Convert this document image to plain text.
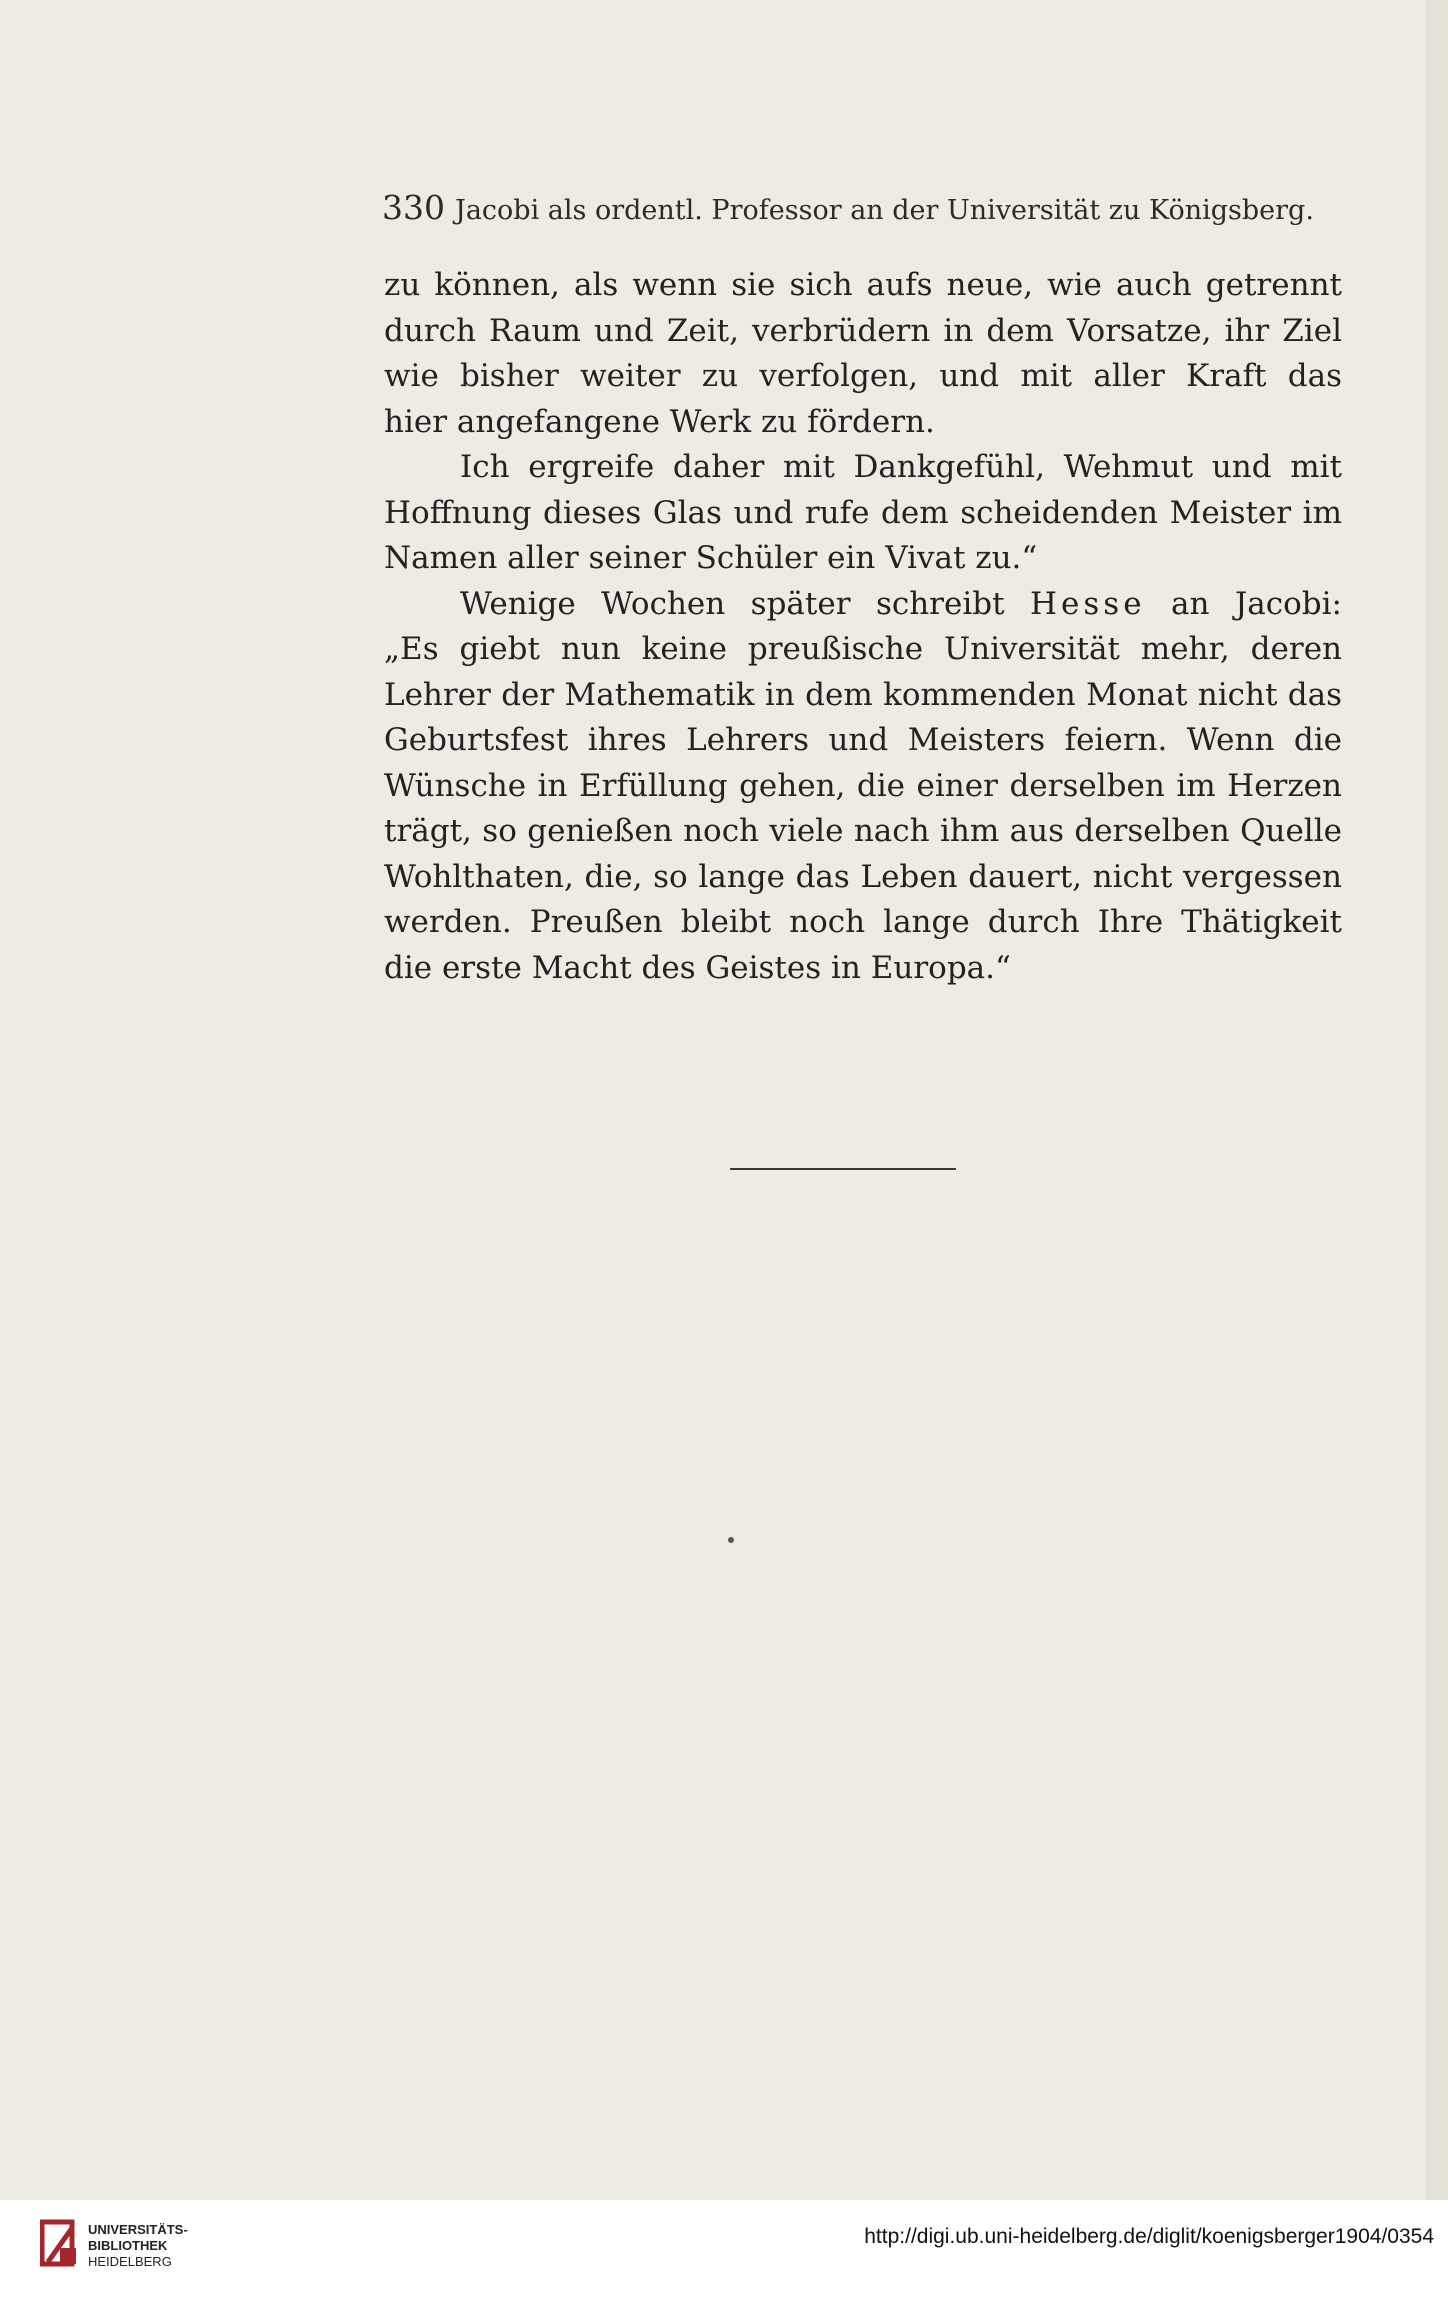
330 Jacobi als ordentl. Professor an der Universität zu Königsberg.
zu können, als wenn sie sich aufs neue, wie auch getrennt
durch Raum und Zeit, verbrüdern in dem Vorsatze, ihr Ziel
wie bisher weiter zu verfolgen, und mit aller Kraft das
hier angefangene Werk zu fördern.
Ich ergreife daher mit Dankgefühl, Wehmut und mit
Hoffnung dieses Glas und rufe dem scheidenden Meister im
Namen aller seiner Schüler ein Vivat zu.“
Wenige Wochen später schreibt Hesse an Jacobi:
„Es giebt nun keine preußische Universität mehr, deren
Lehrer der Mathematik in dem kommenden Monat nicht das
Geburtsfest ihres Lehrers und Meisters feiern. Wenn die
Wünsche in Erfüllung gehen, die einer derselben im Herzen
trägt, so genießen noch viele nach ihm aus derselben Quelle
Wohlthaten, die, so lange das Leben dauert, nicht vergessen
werden. Preußen bleibt noch lange durch Ihre Thätigkeit
die erste Macht des Geistes in Europa.“
UNIVERSITÄTS-
BIBLIOTHEK
HEIDELBERG
http://digi.ub.uni-heidelberg.de/diglit/koenigsberger1904/0354
